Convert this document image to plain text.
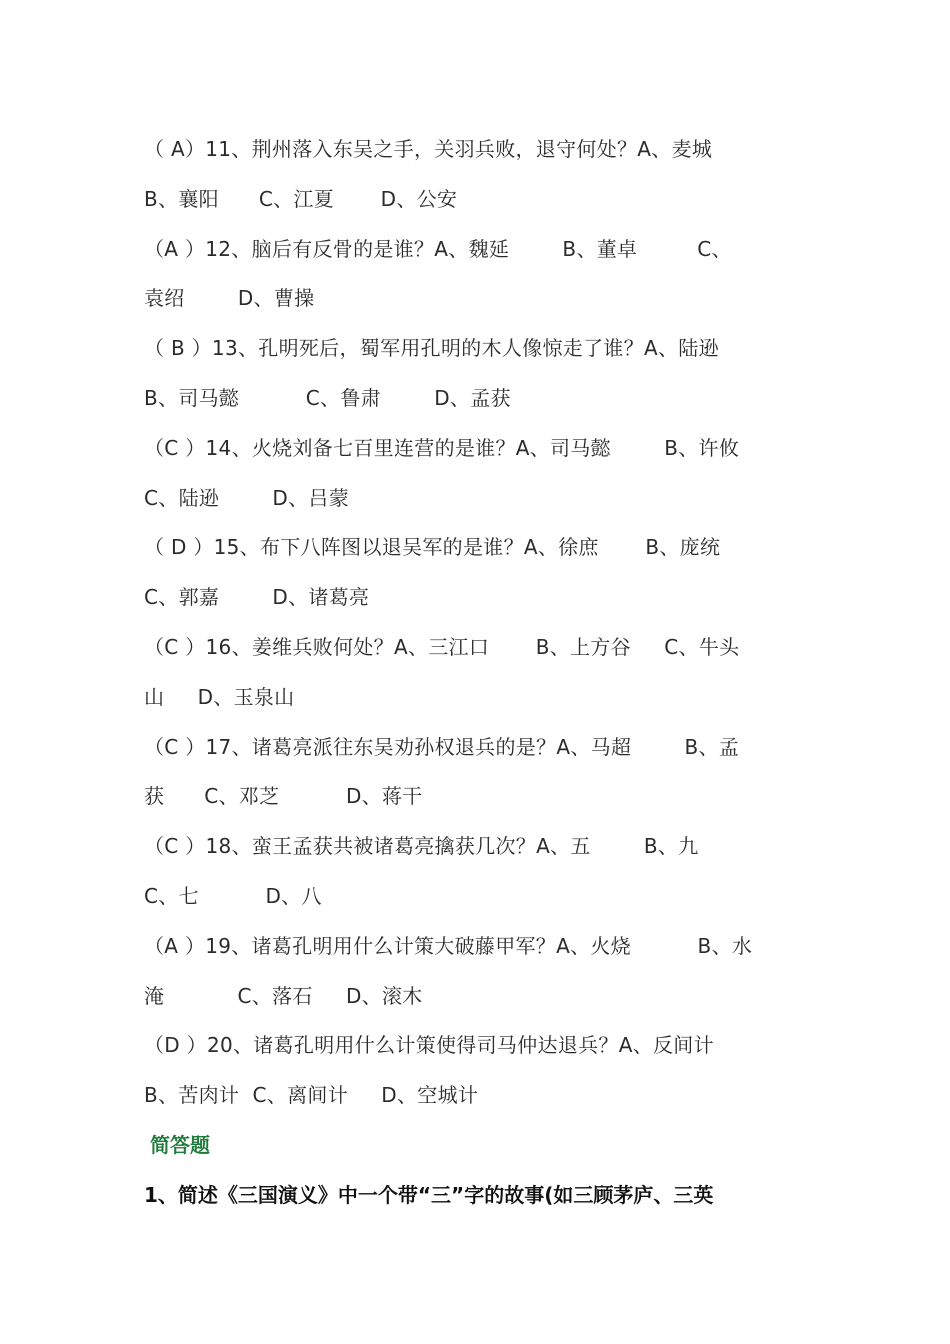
（ A）11、荆州落入东吴之手，关羽兵败，退守何处？A、麦城
B、襄阳      C、江夏       D、公安
（A ）12、脑后有反骨的是谁？A、魏延        B、董卓         C、
袁绍        D、曹操
（ B ）13、孔明死后，蜀军用孔明的木人像惊走了谁？A、陆逊
B、司马懿          C、鲁肃        D、孟获
（C ）14、火烧刘备七百里连营的是谁？A、司马懿        B、许攸
C、陆逊        D、吕蒙
（ D ）15、布下八阵图以退吴军的是谁？A、徐庶       B、庞统
C、郭嘉        D、诸葛亮
（C ）16、姜维兵败何处？A、三江口       B、上方谷     C、牛头
山     D、玉泉山
（C ）17、诸葛亮派往东吴劝孙权退兵的是？A、马超        B、孟
获      C、邓芝          D、蒋干
（C ）18、蛮王孟获共被诸葛亮擒获几次？A、五        B、九
C、七          D、八
（A ）19、诸葛孔明用什么计策大破藤甲军？A、火烧          B、水
淹           C、落石     D、滚木
（D ）20、诸葛孔明用什么计策使得司马仲达退兵？A、反间计
B、苦肉计  C、离间计     D、空城计
简答题
1、简述《三国演义》中一个带“三”字的故事(如三顾茅庐、三英
